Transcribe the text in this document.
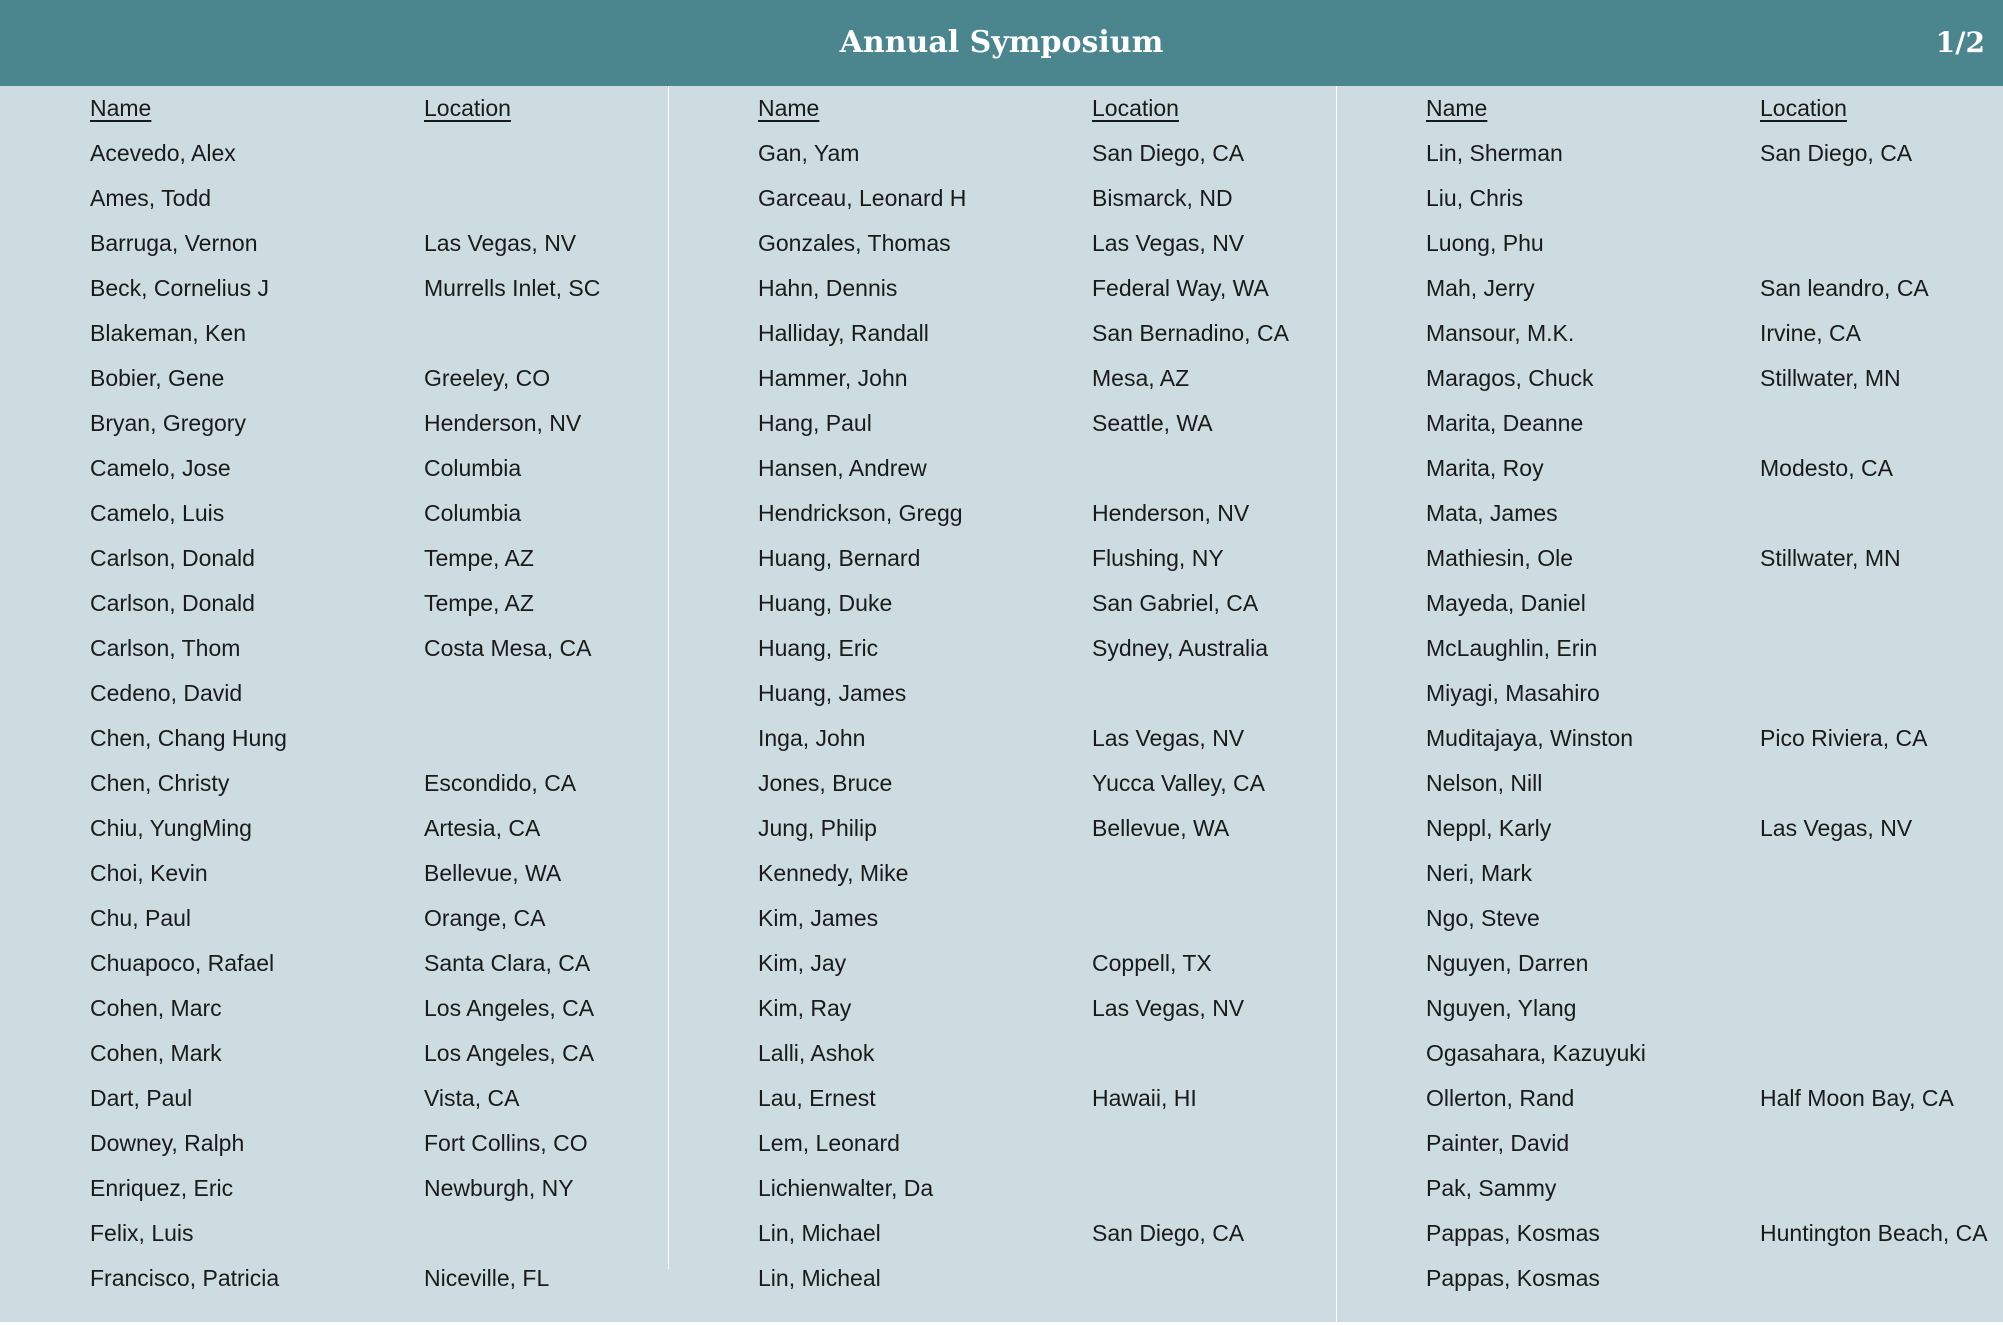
Annual Symposium	1/2
Name	Location
Acevedo, Alex
Ames, Todd
Barruga, Vernon	Las Vegas, NV
Beck, Cornelius J	Murrells Inlet, SC
Blakeman, Ken
Bobier, Gene	Greeley, CO
Bryan, Gregory	Henderson, NV
Camelo, Jose	Columbia
Camelo, Luis	Columbia
Carlson, Donald	Tempe, AZ
Carlson, Donald	Tempe, AZ
Carlson, Thom	Costa Mesa, CA
Cedeno, David
Chen, Chang Hung
Chen, Christy	Escondido, CA
Chiu, YungMing	Artesia, CA
Choi, Kevin	Bellevue, WA
Chu, Paul	Orange, CA
Chuapoco, Rafael	Santa Clara, CA
Cohen, Marc	Los Angeles, CA
Cohen, Mark	Los Angeles, CA
Dart, Paul	Vista, CA
Downey, Ralph	Fort Collins, CO
Enriquez, Eric	Newburgh, NY
Felix, Luis
Francisco, Patricia	Niceville, FL
Name	Location
Gan, Yam	San Diego, CA
Garceau, Leonard H	Bismarck, ND
Gonzales, Thomas	Las Vegas, NV
Hahn, Dennis	Federal Way, WA
Halliday, Randall	San Bernadino, CA
Hammer, John	Mesa, AZ
Hang, Paul	Seattle, WA
Hansen, Andrew
Hendrickson, Gregg	Henderson, NV
Huang, Bernard	Flushing, NY
Huang, Duke	San Gabriel, CA
Huang, Eric	Sydney, Australia
Huang, James
Inga, John	Las Vegas, NV
Jones, Bruce	Yucca Valley, CA
Jung, Philip	Bellevue, WA
Kennedy, Mike
Kim, James
Kim, Jay	Coppell, TX
Kim, Ray	Las Vegas, NV
Lalli, Ashok
Lau, Ernest	Hawaii, HI
Lem, Leonard
Lichienwalter, Da
Lin, Michael	San Diego, CA
Lin, Micheal
Name	Location
Lin, Sherman	San Diego, CA
Liu, Chris
Luong, Phu
Mah, Jerry	San leandro, CA
Mansour, M.K.	Irvine, CA
Maragos, Chuck	Stillwater, MN
Marita, Deanne
Marita, Roy	Modesto, CA
Mata, James
Mathiesin, Ole	Stillwater, MN
Mayeda, Daniel
McLaughlin, Erin
Miyagi, Masahiro
Muditajaya, Winston	Pico Riviera, CA
Nelson, Nill
Neppl, Karly	Las Vegas, NV
Neri, Mark
Ngo, Steve
Nguyen, Darren
Nguyen, Ylang
Ogasahara, Kazuyuki
Ollerton, Rand	Half Moon Bay, CA
Painter, David
Pak, Sammy
Pappas, Kosmas	Huntington Beach, CA
Pappas, Kosmas
